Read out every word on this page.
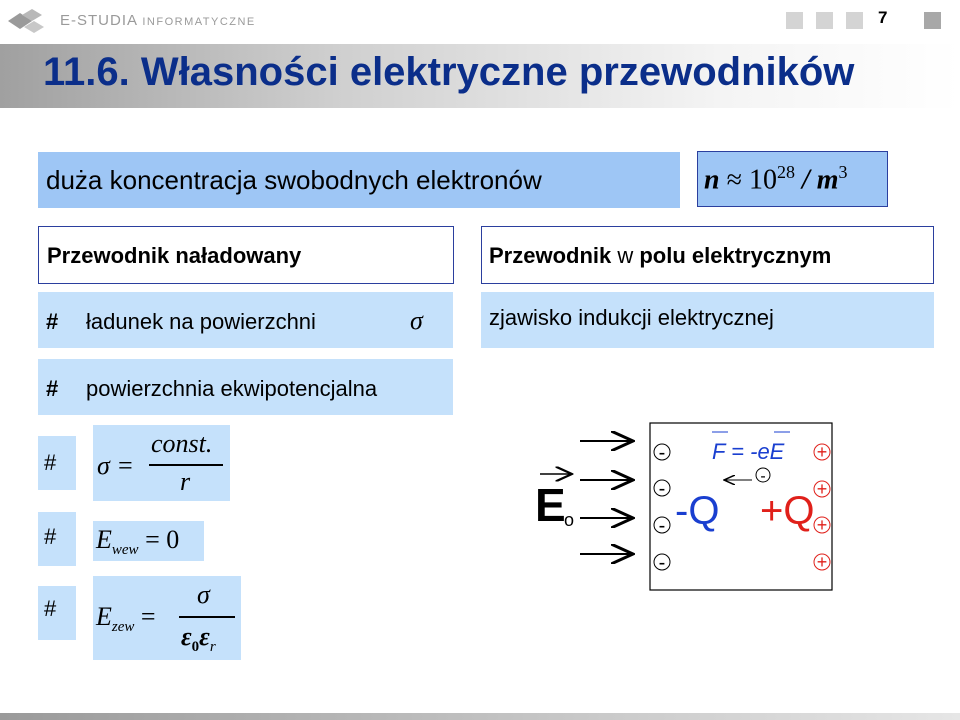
E-STUDIA INFORMATYCZNE	7
11.6. Własności elektryczne przewodników
duża koncentracja swobodnych elektronów	$n \approx 10^{28} / m^3$
Przewodnik naładowany
# ładunek na powierzchni	σ
# powierzchnia ekwipotencjalna
# σ =
const.
r
# $E_{wew} = 0$
# $E_{zew}$ =
σ
$\varepsilon_0\varepsilon_r$
Przewodnik w polu elektrycznym
zjawisko indukcji elektrycznej
E
o
-
-
-
-
+
+
+
+
F = -eE
-
-Q +Q
